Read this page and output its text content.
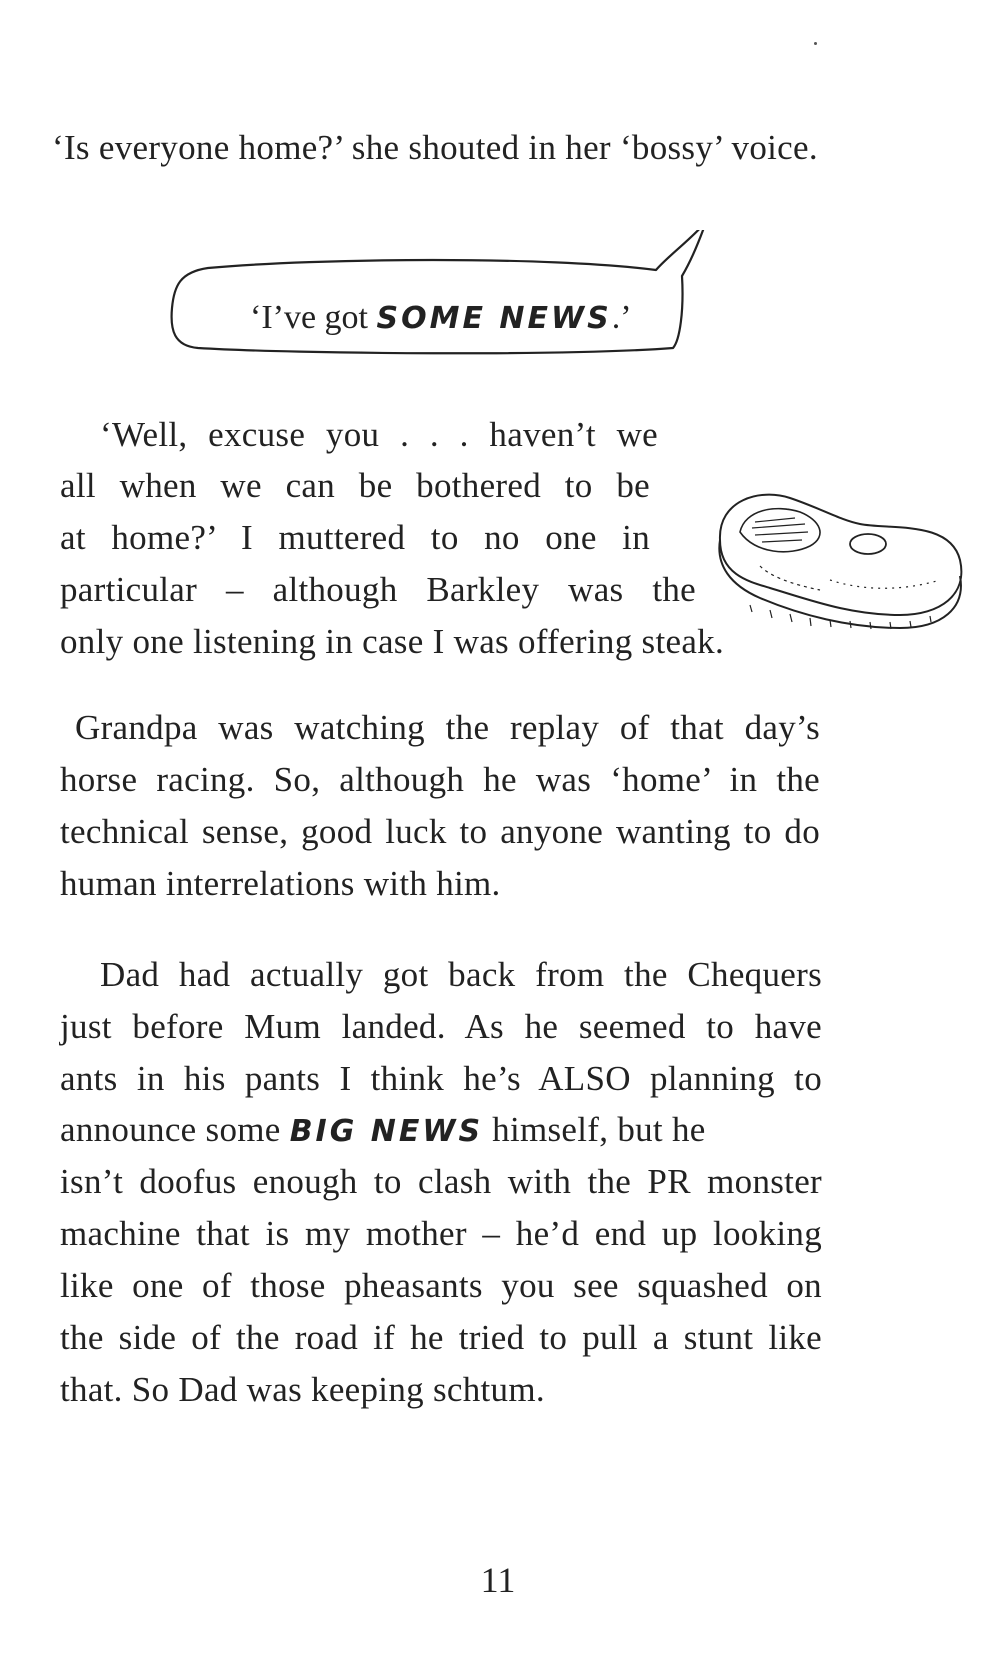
‘Is everyone home?’ she shouted in her ‘bossy’ voice.
‘I’ve got SOME NEWS.’
‘Well, excuse you . . . haven’t we
all when we can be bothered to be
at home?’ I muttered to no one in
particular – although Barkley was the
only one listening in case I was offering steak.
Grandpa was watching the replay of that day’s
horse racing. So, although he was ‘home’ in the
technical sense, good luck to anyone wanting to do
human interrelations with him.
Dad had actually got back from the Chequers
just before Mum landed. As he seemed to have
ants in his pants I think he’s ALSO planning to
announce some BIG NEWS himself, but he
isn’t doofus enough to clash with the PR monster
machine that is my mother – he’d end up looking
like one of those pheasants you see squashed on
the side of the road if he tried to pull a stunt like
that. So Dad was keeping schtum.
11
